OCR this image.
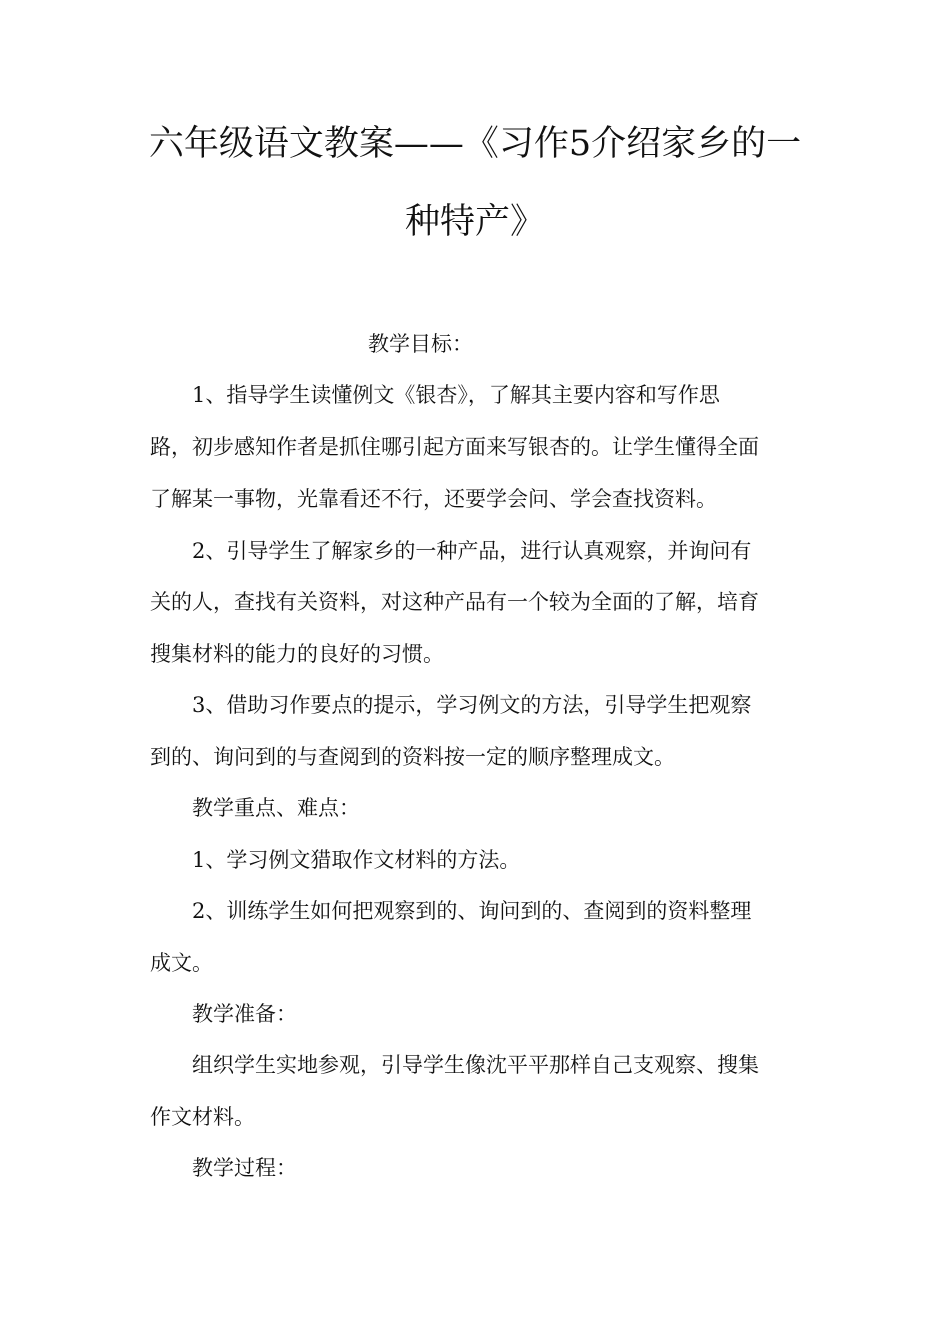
六年级语文教案——《习作5介绍家乡的一
种特产》
教学目标：
1、指导学生读懂例文《银杏》，了解其主要内容和写作思
路，初步感知作者是抓住哪引起方面来写银杏的。让学生懂得全面
了解某一事物，光靠看还不行，还要学会问、学会查找资料。
2、引导学生了解家乡的一种产品，进行认真观察，并询问有
关的人，查找有关资料，对这种产品有一个较为全面的了解，培育
搜集材料的能力的良好的习惯。
3、借助习作要点的提示，学习例文的方法，引导学生把观察
到的、询问到的与查阅到的资料按一定的顺序整理成文。
教学重点、难点：
1、学习例文猎取作文材料的方法。
2、训练学生如何把观察到的、询问到的、查阅到的资料整理
成文。
教学准备：
组织学生实地参观，引导学生像沈平平那样自己支观察、搜集
作文材料。
教学过程：
